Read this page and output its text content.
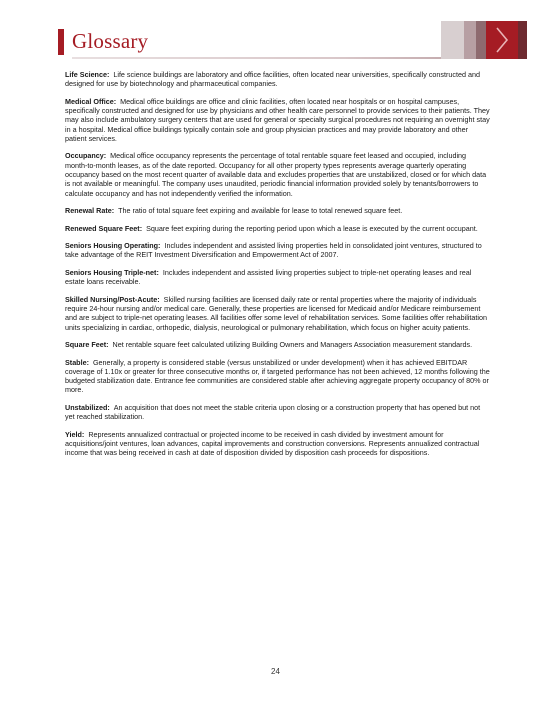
Glossary

Life Science: Life science buildings are laboratory and office facilities, often located near universities, specifically constructed and designed for use by biotechnology and pharmaceutical companies.

Medical Office: Medical office buildings are office and clinic facilities, often located near hospitals or on hospital campuses, specifically constructed and designed for use by physicians and other health care personnel to provide services to their patients. They may also include ambulatory surgery centers that are used for general or specialty surgical procedures not requiring an overnight stay in a hospital. Medical office buildings typically contain sole and group physician practices and may provide laboratory and other patient services.

Occupancy: Medical office occupancy represents the percentage of total rentable square feet leased and occupied, including month-to-month leases, as of the date reported. Occupancy for all other property types represents average quarterly operating occupancy based on the most recent quarter of available data and excludes properties that are unstabilized, closed or for which data is not available or meaningful. The company uses unaudited, periodic financial information provided solely by tenants/borrowers to calculate occupancy and has not independently verified the information.

Renewal Rate: The ratio of total square feet expiring and available for lease to total renewed square feet.

Renewed Square Feet: Square feet expiring during the reporting period upon which a lease is executed by the current occupant.

Seniors Housing Operating: Includes independent and assisted living properties held in consolidated joint ventures, structured to take advantage of the REIT Investment Diversification and Empowerment Act of 2007.

Seniors Housing Triple-net: Includes independent and assisted living properties subject to triple-net operating leases and real estate loans receivable.

Skilled Nursing/Post-Acute: Skilled nursing facilities are licensed daily rate or rental properties where the majority of individuals require 24-hour nursing and/or medical care. Generally, these properties are licensed for Medicaid and/or Medicare reimbursement and are subject to triple-net operating leases. All facilities offer some level of rehabilitation services. Some facilities offer rehabilitation units specializing in cardiac, orthopedic, dialysis, neurological or pulmonary rehabilitation, which focus on higher acuity patients.

Square Feet: Net rentable square feet calculated utilizing Building Owners and Managers Association measurement standards.

Stable: Generally, a property is considered stable (versus unstabilized or under development) when it has achieved EBITDAR coverage of 1.10x or greater for three consecutive months or, if targeted performance has not been achieved, 12 months following the budgeted stabilization date. Entrance fee communities are considered stable after achieving aggregate property occupancy of 80% or more.

Unstabilized: An acquisition that does not meet the stable criteria upon closing or a construction property that has opened but not yet reached stabilization.

Yield: Represents annualized contractual or projected income to be received in cash divided by investment amount for acquisitions/joint ventures, loan advances, capital improvements and construction conversions. Represents annualized contractual income that was being received in cash at date of disposition divided by disposition cash proceeds for dispositions.

24
